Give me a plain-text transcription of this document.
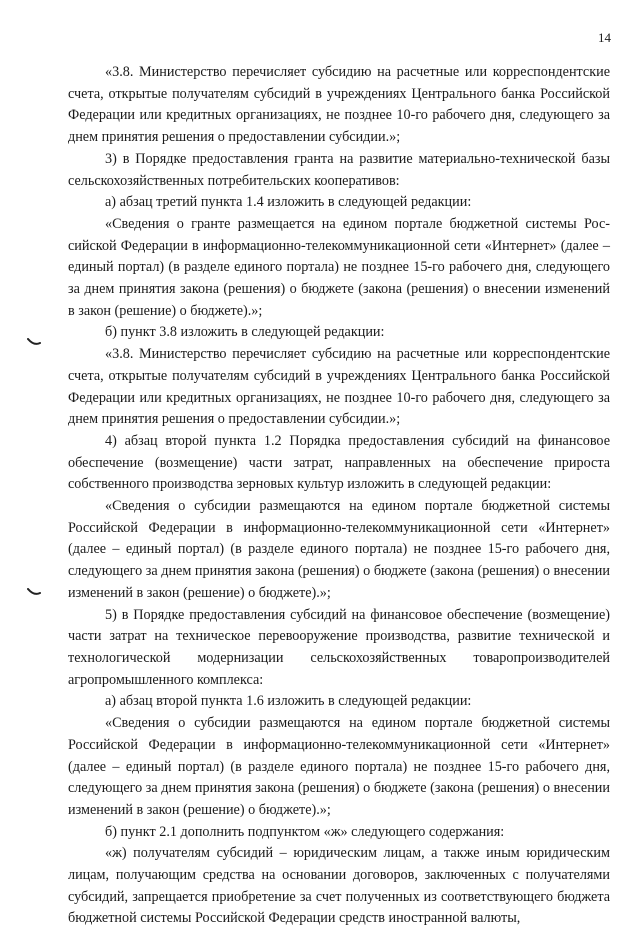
14

«3.8. Министерство перечисляет субсидию на расчетные или корреспондентские счета, открытые получателям субсидий в учреждениях Центрального банка Российской Федерации или кредитных организациях, не позднее 10-го рабочего дня, следующего за днем принятия решения о предоставлении субсидии.»;

3) в Порядке предоставления гранта на развитие материально-технической базы сельскохозяйственных потребительских кооперативов:

а) абзац третий пункта 1.4 изложить в следующей редакции:

«Сведения о гранте размещается на едином портале бюджетной системы Российской Федерации в информационно-телекоммуникационной сети «Интернет» (далее – единый портал) (в разделе единого портала) не позднее 15-го рабочего дня, следующего за днем принятия закона (решения) о бюджете (закона (решения) о внесении изменений в закон (решение) о бюджете).»;

б) пункт 3.8 изложить в следующей редакции:

«3.8. Министерство перечисляет субсидию на расчетные или корреспондентские счета, открытые получателям субсидий в учреждениях Центрального банка Российской Федерации или кредитных организациях, не позднее 10-го рабочего дня, следующего за днем принятия решения о предоставлении субсидии.»;

4) абзац второй пункта 1.2 Порядка предоставления субсидий на финансовое обеспечение (возмещение) части затрат, направленных на обеспечение прироста собственного производства зерновых культур изложить в следующей редакции:

«Сведения о субсидии размещаются на едином портале бюджетной системы Российской Федерации в информационно-телекоммуникационной сети «Интернет» (далее – единый портал) (в разделе единого портала) не позднее 15-го рабочего дня, следующего за днем принятия закона (решения) о бюджете (закона (решения) о внесении изменений в закон (решение) о бюджете).»;

5) в Порядке предоставления субсидий на финансовое обеспечение (возмещение) части затрат на техническое перевооружение производства, развитие технической и технологической модернизации сельскохозяйственных товаропроизводителей агропромышленного комплекса:

а) абзац второй пункта 1.6 изложить в следующей редакции:

«Сведения о субсидии размещаются на едином портале бюджетной системы Российской Федерации в информационно-телекоммуникационной сети «Интернет» (далее – единый портал) (в разделе единого портала) не позднее 15-го рабочего дня, следующего за днем принятия закона (решения) о бюджете (закона (решения) о внесении изменений в закон (решение) о бюджете).»;

б) пункт 2.1 дополнить подпунктом «ж» следующего содержания:

«ж) получателям субсидий – юридическим лицам, а также иным юридическим лицам, получающим средства на основании договоров, заключенных с получателями субсидий, запрещается приобретение за счет полученных из соответствующего бюджета бюджетной системы Российской Федерации средств иностранной валюты,
